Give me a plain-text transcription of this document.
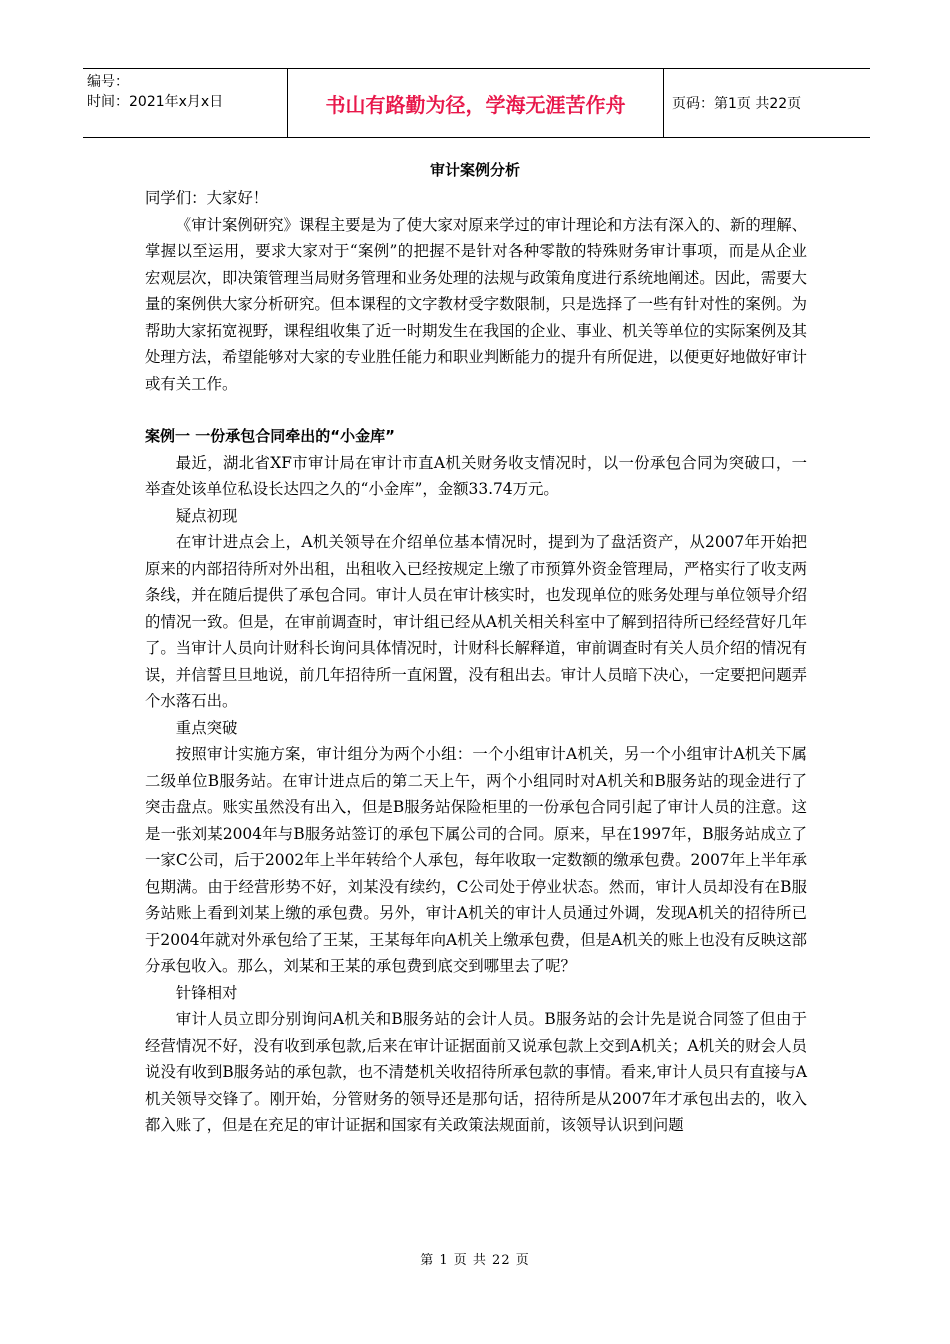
编号：
时间：2021年x月x日	书山有路勤为径，学海无涯苦作舟	页码：第1页 共22页
审计案例分析

同学们：大家好！

《审计案例研究》课程主要是为了使大家对原来学过的审计理论和方法有深入的、新的理解、掌握以至运用，要求大家对于“案例”的把握不是针对各种零散的特殊财务审计事项，而是从企业宏观层次，即决策管理当局财务管理和业务处理的法规与政策角度进行系统地阐述。因此，需要大量的案例供大家分析研究。但本课程的文字教材受字数限制，只是选择了一些有针对性的案例。为帮助大家拓宽视野，课程组收集了近一时期发生在我国的企业、事业、机关等单位的实际案例及其处理方法，希望能够对大家的专业胜任能力和职业判断能力的提升有所促进，以便更好地做好审计或有关工作。

案例一 一份承包合同牵出的“小金库”

最近，湖北省XF市审计局在审计市直A机关财务收支情况时，以一份承包合同为突破口，一举查处该单位私设长达四之久的“小金库”，金额33.74万元。

疑点初现

在审计进点会上，A机关领导在介绍单位基本情况时，提到为了盘活资产，从2007年开始把原来的内部招待所对外出租，出租收入已经按规定上缴了市预算外资金管理局，严格实行了收支两条线，并在随后提供了承包合同。审计人员在审计核实时，也发现单位的账务处理与单位领导介绍的情况一致。但是，在审前调查时，审计组已经从A机关相关科室中了解到招待所已经经营好几年了。当审计人员向计财科长询问具体情况时，计财科长解释道，审前调查时有关人员介绍的情况有误，并信誓旦旦地说，前几年招待所一直闲置，没有租出去。审计人员暗下决心，一定要把问题弄个水落石出。

重点突破

按照审计实施方案，审计组分为两个小组：一个小组审计A机关，另一个小组审计A机关下属二级单位B服务站。在审计进点后的第二天上午，两个小组同时对A机关和B服务站的现金进行了突击盘点。账实虽然没有出入，但是B服务站保险柜里的一份承包合同引起了审计人员的注意。这是一张刘某2004年与B服务站签订的承包下属公司的合同。原来，早在1997年，B服务站成立了一家C公司，后于2002年上半年转给个人承包，每年收取一定数额的缴承包费。2007年上半年承包期满。由于经营形势不好，刘某没有续约，C公司处于停业状态。然而，审计人员却没有在B服务站账上看到刘某上缴的承包费。另外，审计A机关的审计人员通过外调，发现A机关的招待所已于2004年就对外承包给了王某，王某每年向A机关上缴承包费，但是A机关的账上也没有反映这部分承包收入。那么，刘某和王某的承包费到底交到哪里去了呢？

针锋相对

审计人员立即分别询问A机关和B服务站的会计人员。B服务站的会计先是说合同签了但由于经营情况不好，没有收到承包款,后来在审计证据面前又说承包款上交到A机关；A机关的财会人员说没有收到B服务站的承包款，也不清楚机关收招待所承包款的事情。看来,审计人员只有直接与A机关领导交锋了。刚开始，分管财务的领导还是那句话，招待所是从2007年才承包出去的，收入都入账了，但是在充足的审计证据和国家有关政策法规面前，该领导认识到问题

第 1 页 共 22 页
